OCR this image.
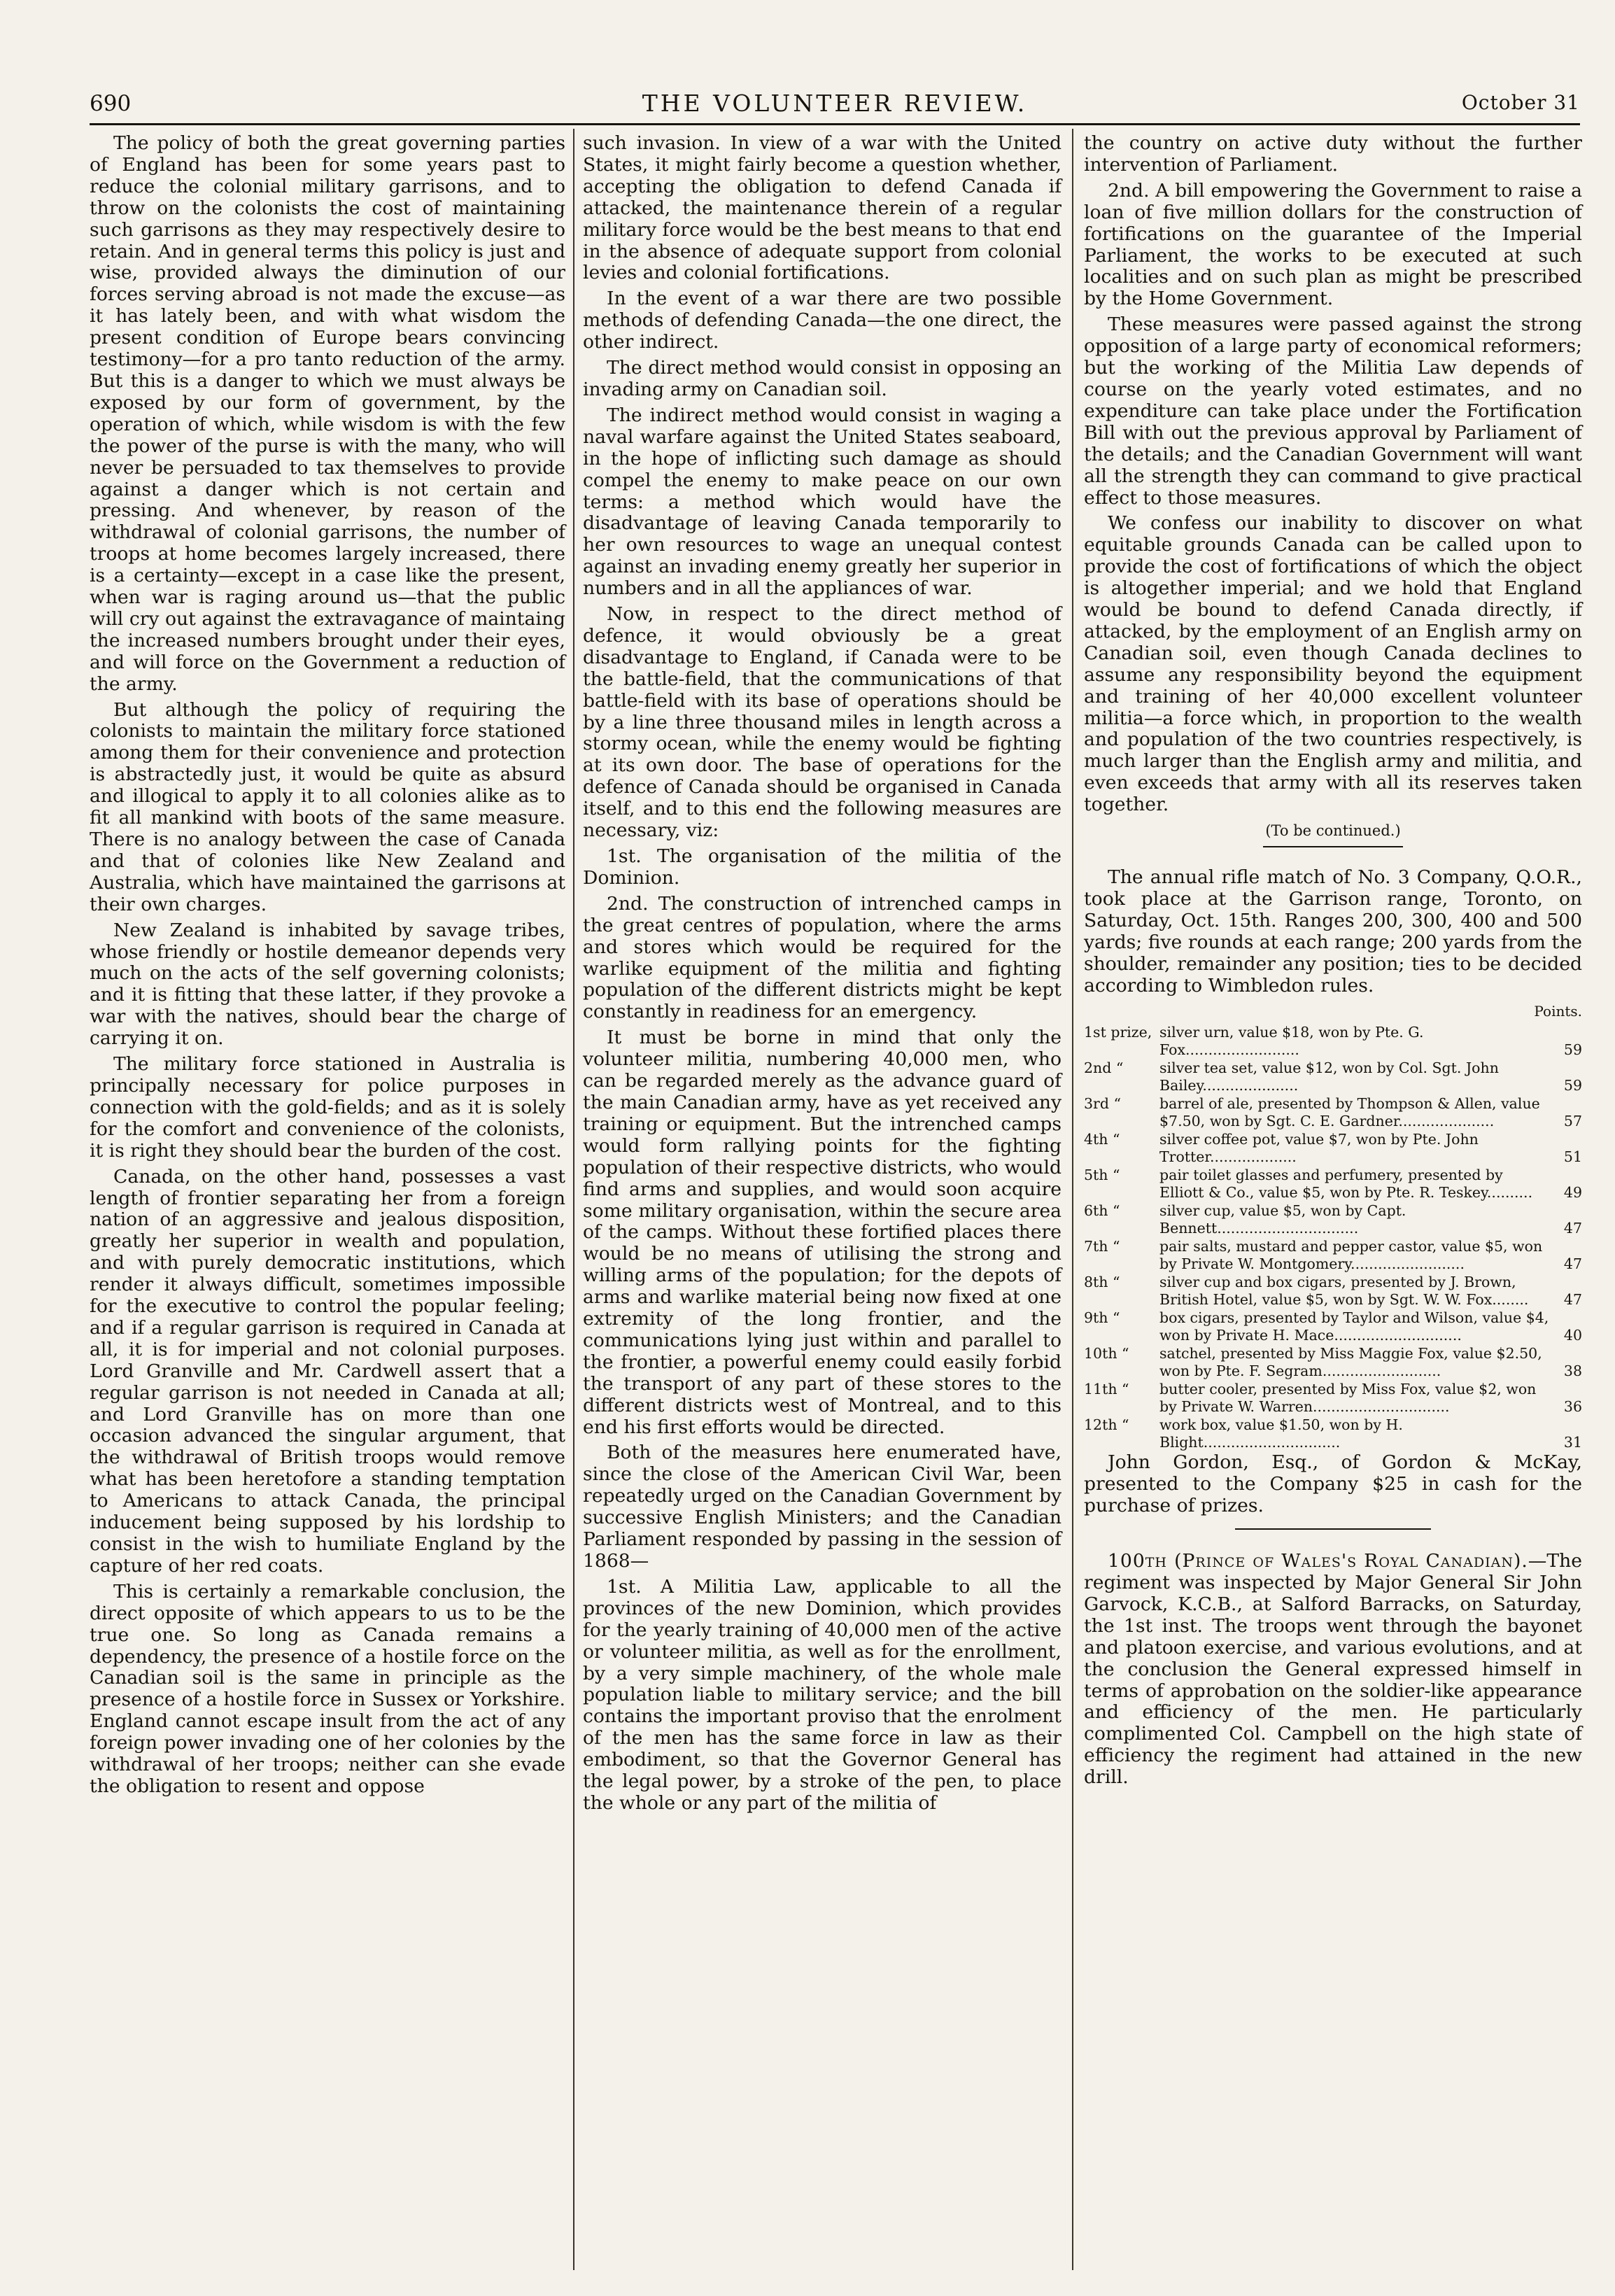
690	THE VOLUNTEER REVIEW.	October 31

The policy of both the great governing parties of England has been for some years past to reduce the colonial military garrisons, and to throw on the colonists the cost of maintaining such garrisons as they may respectively desire to retain. And in general terms this policy is just and wise, provided always the diminution of our forces serving abroad is not made the excuse—as it has lately been, and with what wisdom the present condition of Europe bears convincing testimony—for a pro tanto reduction of the army. But this is a danger to which we must always be exposed by our form of government, by the operation of which, while wisdom is with the few the power of the purse is with the many, who will never be persuaded to tax themselves to provide against a danger which is not certain and pressing. And whenever, by reason of the withdrawal of colonial garrisons, the number of troops at home becomes largely increased, there is a certainty—except in a case like the present, when war is raging around us—that the public will cry out against the extravagance of maintaing the increased numbers brought under their eyes, and will force on the Government a reduction of the army.

But although the policy of requiring the colonists to maintain the military force stationed among them for their convenience and protection is abstractedly just, it would be quite as absurd and illogical to apply it to all colonies alike as to fit all mankind with boots of the same measure. There is no analogy between the case of Canada and that of colonies like New Zealand and Australia, which have maintained the garrisons at their own charges.

New Zealand is inhabited by savage tribes, whose friendly or hostile demeanor depends very much on the acts of the self governing colonists; and it is fitting that these latter, if they provoke a war with the natives, should bear the charge of carrying it on.

The military force stationed in Australia is principally necessary for police purposes in connection with the gold-fields; and as it is solely for the comfort and convenience of the colonists, it is right they should bear the burden of the cost.

Canada, on the other hand, possesses a vast length of frontier separating her from a foreign nation of an aggressive and jealous disposition, greatly her superior in wealth and population, and with purely democratic institutions, which render it always difficult, sometimes impossible for the executive to control the popular feeling; and if a regular garrison is required in Canada at all, it is for imperial and not colonial purposes. Lord Granville and Mr. Cardwell assert that a regular garrison is not needed in Canada at all; and Lord Granville has on more than one occasion advanced the singular argument, that the withdrawal of British troops would remove what has been heretofore a standing temptation to Americans to attack Canada, the principal inducement being supposed by his lordship to consist in the wish to humiliate England by the capture of her red coats.

This is certainly a remarkable conclusion, the direct opposite of which appears to us to be the true one. So long as Canada remains a dependency, the presence of a hostile force on the Canadian soil is the same in principle as the presence of a hostile force in Sussex or Yorkshire. England cannot escape insult from the act of any foreign power invading one of her colonies by the withdrawal of her troops; neither can she evade the obligation to resent and oppose

such invasion. In view of a war with the United States, it might fairly become a question whether, accepting the obligation to defend Canada if attacked, the maintenance therein of a regular military force would be the best means to that end in the absence of adequate support from colonial levies and colonial fortifications.

In the event of a war there are two possible methods of defending Canada—the one direct, the other indirect.

The direct method would consist in opposing an invading army on Canadian soil.

The indirect method would consist in waging a naval warfare against the United States seaboard, in the hope of inflicting such damage as should compel the enemy to make peace on our own terms: a method which would have the disadvantage of leaving Canada temporarily to her own resources to wage an unequal contest against an invading enemy greatly her superior in numbers and in all the appliances of war.

Now, in respect to the direct method of defence, it would obviously be a great disadvantage to England, if Canada were to be the battle-field, that the communications of that battle-field with its base of operations should be by a line three thousand miles in length across a stormy ocean, while the enemy would be fighting at its own door. The base of operations for the defence of Canada should be organised in Canada itself, and to this end the following measures are necessary, viz:

1st. The organisation of the militia of the Dominion.

2nd. The construction of intrenched camps in the great centres of population, where the arms and stores which would be required for the warlike equipment of the militia and fighting population of the different districts might be kept constantly in readiness for an emergency.

It must be borne in mind that only the volunteer militia, numbering 40,000 men, who can be regarded merely as the advance guard of the main Canadian army, have as yet received any training or equipment. But the intrenched camps would form rallying points for the fighting population of their respective districts, who would find arms and supplies, and would soon acquire some military organisation, within the secure area of the camps. Without these fortified places there would be no means of utilising the strong and willing arms of the population; for the depots of arms and warlike material being now fixed at one extremity of the long frontier, and the communications lying just within and parallel to the frontier, a powerful enemy could easily forbid the transport of any part of these stores to the different districts west of Montreal, and to this end his first efforts would be directed.

Both of the measures here enumerated have, since the close of the American Civil War, been repeatedly urged on the Canadian Government by successive English Ministers; and the Canadian Parliament responded by passing in the session of 1868—

1st. A Militia Law, applicable to all the provinces of the new Dominion, which provides for the yearly training of 40,000 men of the active or volunteer militia, as well as for the enrollment, by a very simple machinery, of the whole male population liable to military service; and the bill contains the important proviso that the enrolment of the men has the same force in law as their embodiment, so that the Governor General has the legal power, by a stroke of the pen, to place the whole or any part of the militia of

the country on active duty without the further intervention of Parliament.

2nd. A bill empowering the Government to raise a loan of five million dollars for the construction of fortifications on the guarantee of the Imperial Parliament, the works to be executed at such localities and on such plan as might be prescribed by the Home Government.

These measures were passed against the strong opposition of a large party of economical reformers; but the working of the Militia Law depends of course on the yearly voted estimates, and no expenditure can take place under the Fortification Bill with out the previous approval by Parliament of the details; and the Canadian Government will want all the strength they can command to give practical effect to those measures.

We confess our inability to discover on what equitable grounds Canada can be called upon to provide the cost of fortifications of which the object is altogether imperial; and we hold that England would be bound to defend Canada directly, if attacked, by the employment of an English army on Canadian soil, even though Canada declines to assume any responsibility beyond the equipment and training of her 40,000 excellent volunteer militia—a force which, in proportion to the wealth and population of the two countries respectively, is much larger than the English army and militia, and even exceeds that army with all its reserves taken together.

(To be continued.)

The annual rifle match of No. 3 Company, Q.O.R., took place at the Garrison range, Toronto, on Saturday, Oct. 15th. Ranges 200, 300, 400 and 500 yards; five rounds at each range; 200 yards from the shoulder, remainder any position; ties to be decided according to Wimbledon rules.

Points.
1st prize, silver urn, value $18, won by Pte. G. Fox.........................	59
2nd “	silver tea set, value $12, won by Col. Sgt. John Bailey.....................	59
3rd “	barrel of ale, presented by Thompson & Allen, value $7.50, won by Sgt. C. E. Gardner.....................	57
4th “	silver coffee pot, value $7, won by Pte. John Trotter...................	51
5th “	pair toilet glasses and perfumery, presented by Elliott & Co., value $5, won by Pte. R. Teskey..........	49
6th “	silver cup, value $5, won by Capt. Bennett...............................	47
7th “	pair salts, mustard and pepper castor, value $5, won by Private W. Montgomery.........................	47
8th “	silver cup and box cigars, presented by J. Brown, British Hotel, value $5, won by Sgt. W. W. Fox........	47
9th “	box cigars, presented by Taylor and Wilson, value $4, won by Private H. Mace............................	40
10th “	satchel, presented by Miss Maggie Fox, value $2.50, won by Pte. F. Segram..........................	38
11th “	butter cooler, presented by Miss Fox, value $2, won by Private W. Warren..............................	36
12th “	work box, value $1.50, won by H. Blight..............................	31

John Gordon, Esq., of Gordon & McKay, presented to the Company $25 in cash for the purchase of prizes.

100th (Prince of Wales's Royal Canadian).—The regiment was inspected by Major General Sir John Garvock, K.C.B., at Salford Barracks, on Saturday, the 1st inst. The troops went through the bayonet and platoon exercise, and various evolutions, and at the conclusion the General expressed himself in terms of approbation on the soldier-like appearance and efficiency of the men. He particularly complimented Col. Campbell on the high state of efficiency the regiment had attained in the new drill.
